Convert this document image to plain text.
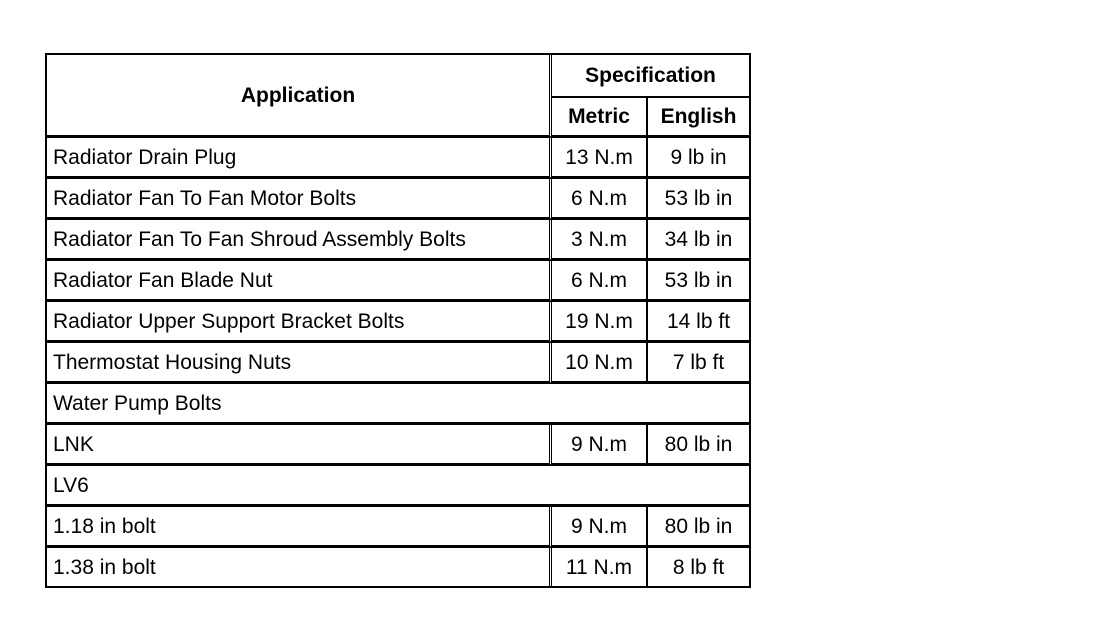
Application	Specification	
	Metric	English
Radiator Drain Plug	13 N.m	9 lb in
Radiator Fan To Fan Motor Bolts	6 N.m	53 lb in
Radiator Fan To Fan Shroud Assembly Bolts	3 N.m	34 lb in
Radiator Fan Blade Nut	6 N.m	53 lb in
Radiator Upper Support Bracket Bolts	19 N.m	14 lb ft
Thermostat Housing Nuts	10 N.m	7 lb ft
Water Pump Bolts		
LNK	9 N.m	80 lb in
LV6		
1.18 in bolt	9 N.m	80 lb in
1.38 in bolt	11 N.m	8 lb ft
